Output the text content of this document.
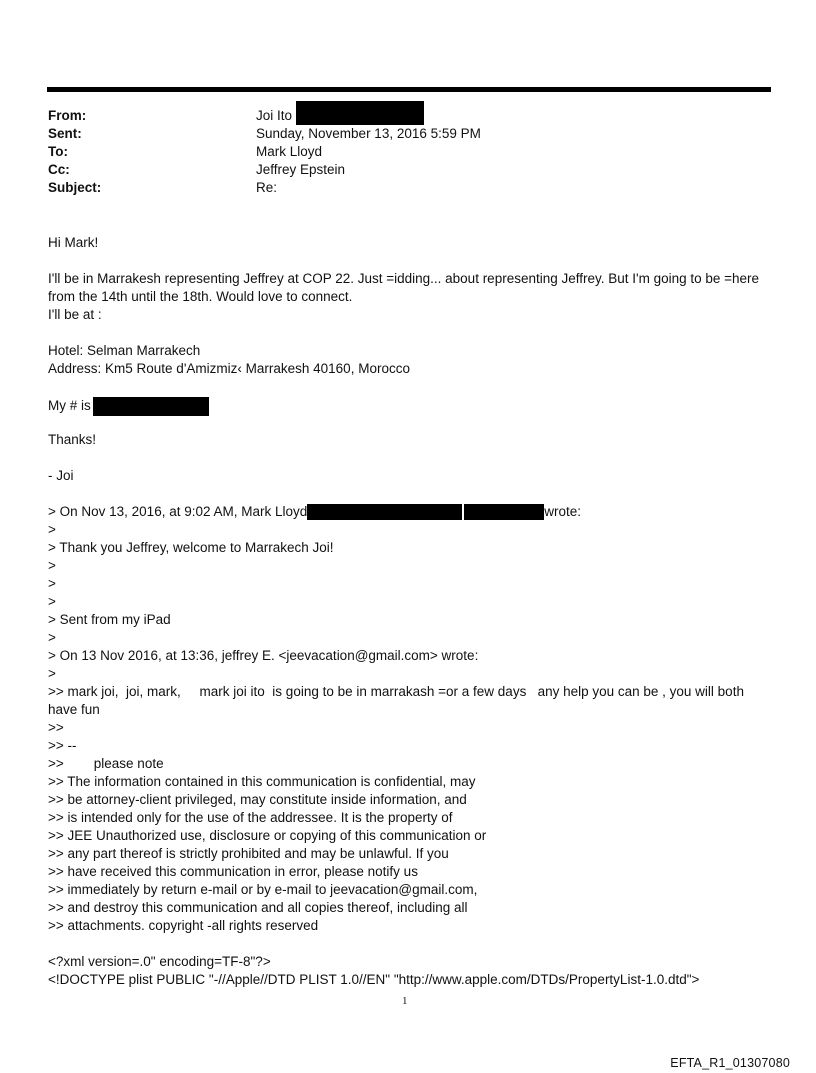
From:	Joi Ito
Sent:	Sunday, November 13, 2016 5:59 PM
To:	Mark Lloyd
Cc:	Jeffrey Epstein
Subject:	Re:
Hi Mark!
I'll be in Marrakesh representing Jeffrey at COP 22. Just =idding... about representing Jeffrey. But I'm going to be =here
from the 14th until the 18th. Would love to connect.
I'll be at :
Hotel: Selman Marrakech
Address: Km5 Route d'Amizmiz‹ Marrakesh 40160, Morocco
My # is
Thanks!
- Joi
> On Nov 13, 2016, at 9:02 AM, Mark Lloyd	wrote:
>
> Thank you Jeffrey, welcome to Marrakech Joi!
>
>
>
> Sent from my iPad
>
> On 13 Nov 2016, at 13:36, jeffrey E. <jeevacation@gmail.com> wrote:
>
>> mark joi,  joi, mark,     mark joi ito  is going to be in marrakash =or a few days   any help you can be , you will both
have fun
>>
>> --
>>        please note
>> The information contained in this communication is confidential, may
>> be attorney-client privileged, may constitute inside information, and
>> is intended only for the use of the addressee. It is the property of
>> JEE Unauthorized use, disclosure or copying of this communication or
>> any part thereof is strictly prohibited and may be unlawful. If you
>> have received this communication in error, please notify us
>> immediately by return e-mail or by e-mail to jeevacation@gmail.com,
>> and destroy this communication and all copies thereof, including all
>> attachments. copyright -all rights reserved
<?xml version=.0" encoding=TF-8"?>
<!DOCTYPE plist PUBLIC "-//Apple//DTD PLIST 1.0//EN" "http://www.apple.com/DTDs/PropertyList-1.0.dtd">
1
EFTA_R1_01307080
